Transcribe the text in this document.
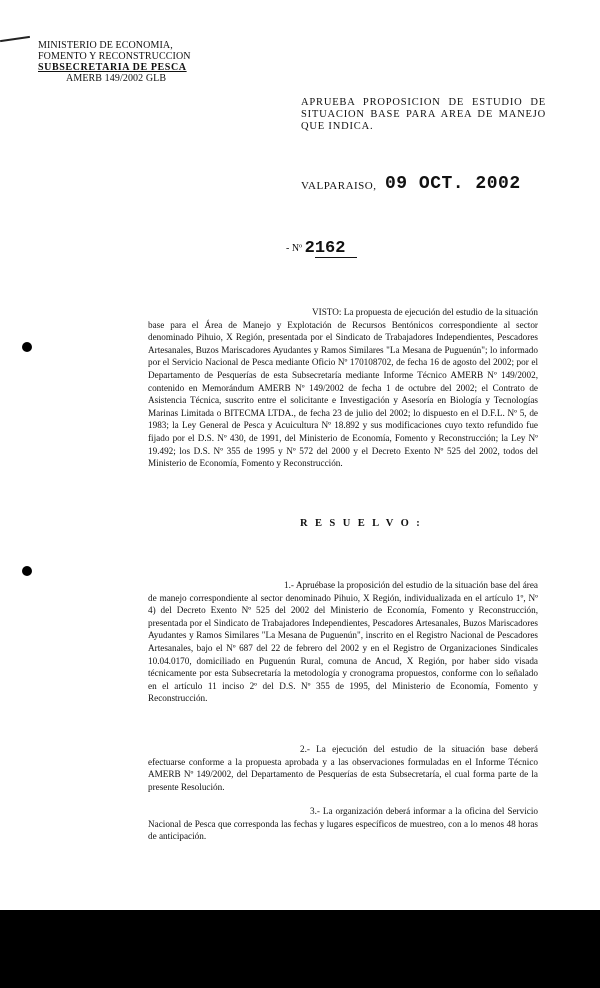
MINISTERIO DE ECONOMIA,
FOMENTO Y RECONSTRUCCION
SUBSECRETARIA DE PESCA
AMERB 149/2002 GLB
APRUEBA PROPOSICION DE ESTUDIO DE SITUACION BASE PARA AREA DE MANEJO QUE INDICA.
VALPARAISO, 09 OCT. 2002
- Nº 2162
VISTO: La propuesta de ejecución del estudio de la situación base para el Área de Manejo y Explotación de Recursos Bentónicos correspondiente al sector denominado Pihuio, X Región, presentada por el Sindicato de Trabajadores Independientes, Pescadores Artesanales, Buzos Mariscadores Ayudantes y Ramos Similares "La Mesana de Puguenún"; lo informado por el Servicio Nacional de Pesca mediante Oficio Nº 170108702, de fecha 16 de agosto del 2002; por el Departamento de Pesquerías de esta Subsecretaría mediante Informe Técnico AMERB Nº 149/2002, contenido en Memorándum AMERB Nº 149/2002 de fecha 1 de octubre del 2002; el Contrato de Asistencia Técnica, suscrito entre el solicitante e Investigación y Asesoría en Biología y Tecnologías Marinas Limitada o BITECMA LTDA., de fecha 23 de julio del 2002; lo dispuesto en el D.F.L. Nº 5, de 1983; la Ley General de Pesca y Acuicultura Nº 18.892 y sus modificaciones cuyo texto refundido fue fijado por el D.S. Nº 430, de 1991, del Ministerio de Economía, Fomento y Reconstrucción; la Ley Nº 19.492; los D.S. Nº 355 de 1995 y Nº 572 del 2000 y el Decreto Exento Nº 525 del 2002, todos del Ministerio de Economía, Fomento y Reconstrucción.
R E S U E L V O :
1.- Apruébase la proposición del estudio de la situación base del área de manejo correspondiente al sector denominado Pihuio, X Región, individualizada en el artículo 1º, Nº 4) del Decreto Exento Nº 525 del 2002 del Ministerio de Economía, Fomento y Reconstrucción, presentada por el Sindicato de Trabajadores Independientes, Pescadores Artesanales, Buzos Mariscadores Ayudantes y Ramos Similares "La Mesana de Puguenún", inscrito en el Registro Nacional de Pescadores Artesanales, bajo el Nº 687 del 22 de febrero del 2002 y en el Registro de Organizaciones Sindicales 10.04.0170, domiciliado en Puguenún Rural, comuna de Ancud, X Región, por haber sido visada técnicamente por esta Subsecretaría la metodología y cronograma propuestos, conforme con lo señalado en el artículo 11 inciso 2º del D.S. Nº 355 de 1995, del Ministerio de Economía, Fomento y Reconstrucción.
2.- La ejecución del estudio de la situación base deberá efectuarse conforme a la propuesta aprobada y a las observaciones formuladas en el Informe Técnico AMERB Nº 149/2002, del Departamento de Pesquerías de esta Subsecretaría, el cual forma parte de la presente Resolución.
3.- La organización deberá informar a la oficina del Servicio Nacional de Pesca que corresponda las fechas y lugares específicos de muestreo, con a lo menos 48 horas de anticipación.
